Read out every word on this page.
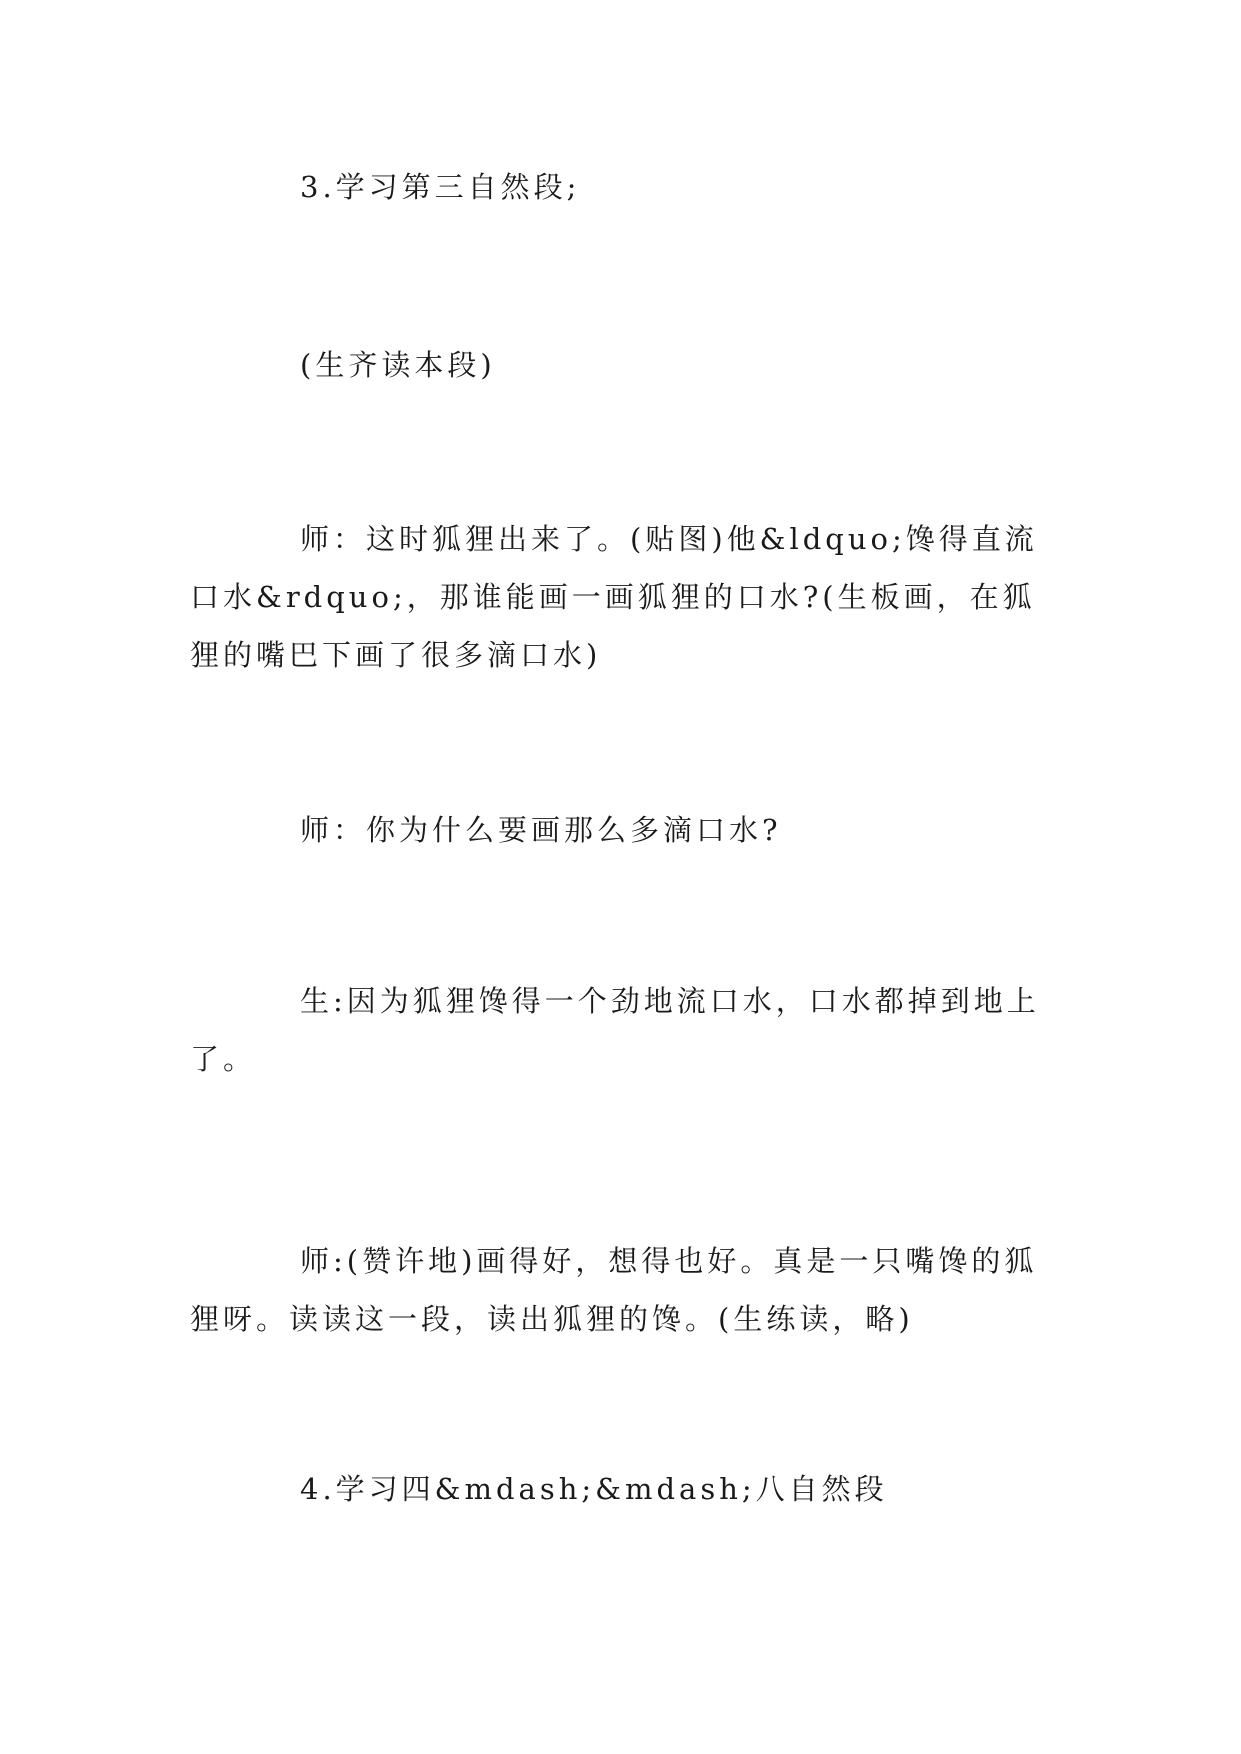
3.学习第三自然段;

(生齐读本段)

师：这时狐狸出来了。(贴图)他&ldquo;馋得直流口水&rdquo;，那谁能画一画狐狸的口水?(生板画，在狐狸的嘴巴下画了很多滴口水)

师：你为什么要画那么多滴口水?

生:因为狐狸馋得一个劲地流口水，口水都掉到地上了。

师:(赞许地)画得好，想得也好。真是一只嘴馋的狐狸呀。读读这一段，读出狐狸的馋。(生练读，略)

4.学习四&mdash;&mdash;八自然段
